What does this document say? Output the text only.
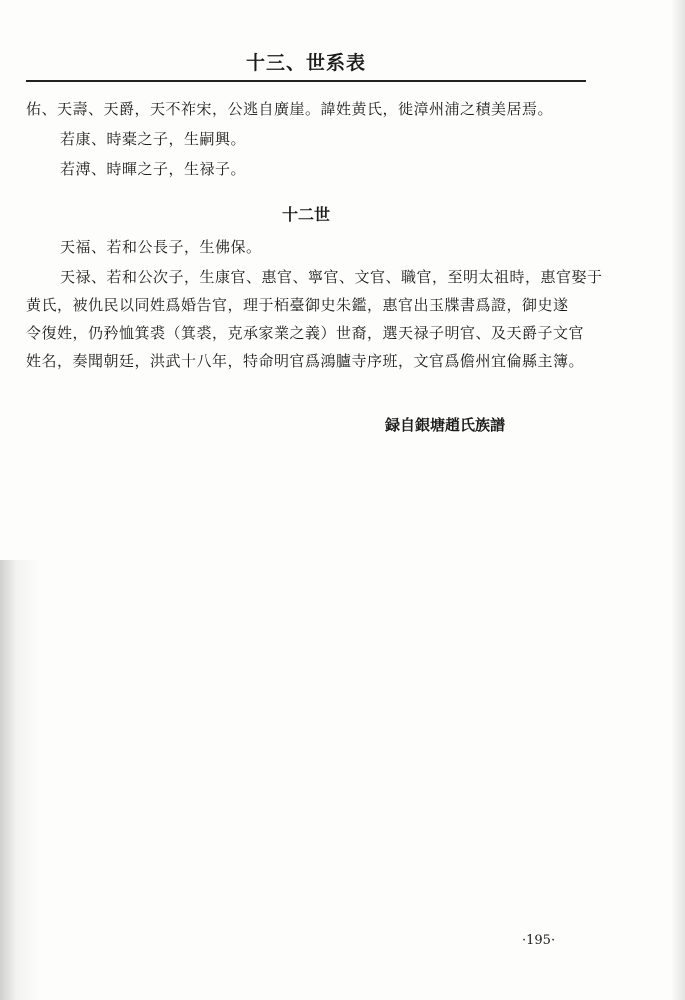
十三、世系表
佑、天壽、天爵，天不祚宋，公逃自廣崖。諱姓黄氏，徙漳州浦之積美居焉。
若康、時橐之子，生嗣興。
若溥、時暉之子，生禄子。
十二世
天福、若和公長子，生佛保。
天禄、若和公次子，生康官、惠官、寧官、文官、職官，至明太祖時，惠官娶于
黄氏，被仇民以同姓爲婚告官，理于栢臺御史朱鑑，惠官出玉牒書爲證，御史遂
令復姓，仍矜恤箕裘（箕裘，克承家業之義）世裔，選天禄子明官、及天爵子文官
姓名，奏聞朝廷，洪武十八年，特命明官爲鴻臚寺序班，文官爲儋州宜倫縣主簿。
録自銀塘趙氏族譜
·195·
